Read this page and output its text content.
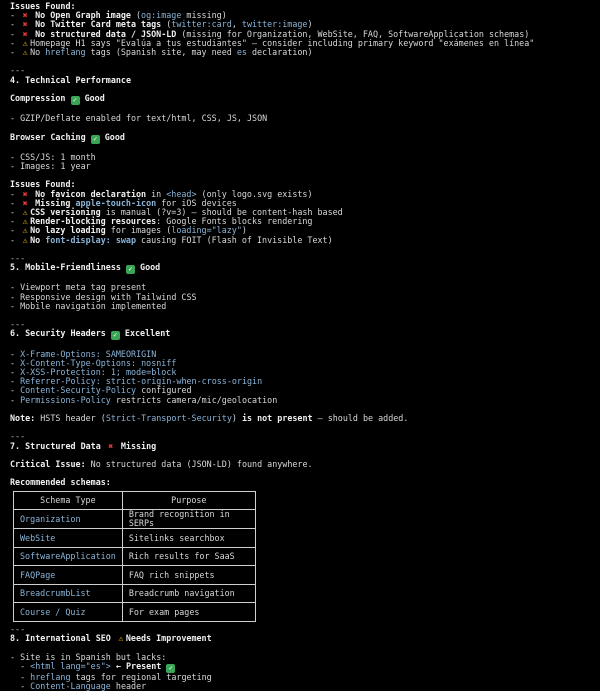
Issues Found:
- ✖ No Open Graph image (og:image missing)
- ✖ No Twitter Card meta tags (twitter:card, twitter:image)
- ✖ No structured data / JSON-LD (missing for Organization, WebSite, FAQ, SoftwareApplication schemas)
- ⚠ Homepage H1 says "Evalúa a tus estudiantes" — consider including primary keyword "exámenes en línea"
- ⚠ No hreflang tags (Spanish site, may need es declaration)
---
4. Technical Performance
Compression ✓ Good
- GZIP/Deflate enabled for text/html, CSS, JS, JSON
Browser Caching ✓ Good
- CSS/JS: 1 month
- Images: 1 year
Issues Found:
- ✖ No favicon declaration in <head> (only logo.svg exists)
- ✖ Missing apple-touch-icon for iOS devices
- ⚠ CSS versioning is manual (?v=3) — should be content-hash based
- ⚠ Render-blocking resources: Google Fonts blocks rendering
- ⚠ No lazy loading for images (loading="lazy")
- ⚠ No font-display: swap causing FOIT (Flash of Invisible Text)
---
5. Mobile-Friendliness ✓ Good
- Viewport meta tag present
- Responsive design with Tailwind CSS
- Mobile navigation implemented
---
6. Security Headers ✓ Excellent
- X-Frame-Options: SAMEORIGIN
- X-Content-Type-Options: nosniff
- X-XSS-Protection: 1; mode=block
- Referrer-Policy: strict-origin-when-cross-origin
- Content-Security-Policy configured
- Permissions-Policy restricts camera/mic/geolocation
Note: HSTS header (Strict-Transport-Security) is not present — should be added.
---
7. Structured Data ✖ Missing
Critical Issue: No structured data (JSON-LD) found anywhere.
Recommended schemas:
Schema Type	Purpose
Organization	Brand recognition in SERPs
WebSite	Sitelinks searchbox
SoftwareApplication	Rich results for SaaS
FAQPage	FAQ rich snippets
BreadcrumbList	Breadcrumb navigation
Course / Quiz	For exam pages
---
8. International SEO ⚠ Needs Improvement
- Site is in Spanish but lacks:
- <html lang="es"> ← Present ✓
- hreflang tags for regional targeting
- Content-Language header
